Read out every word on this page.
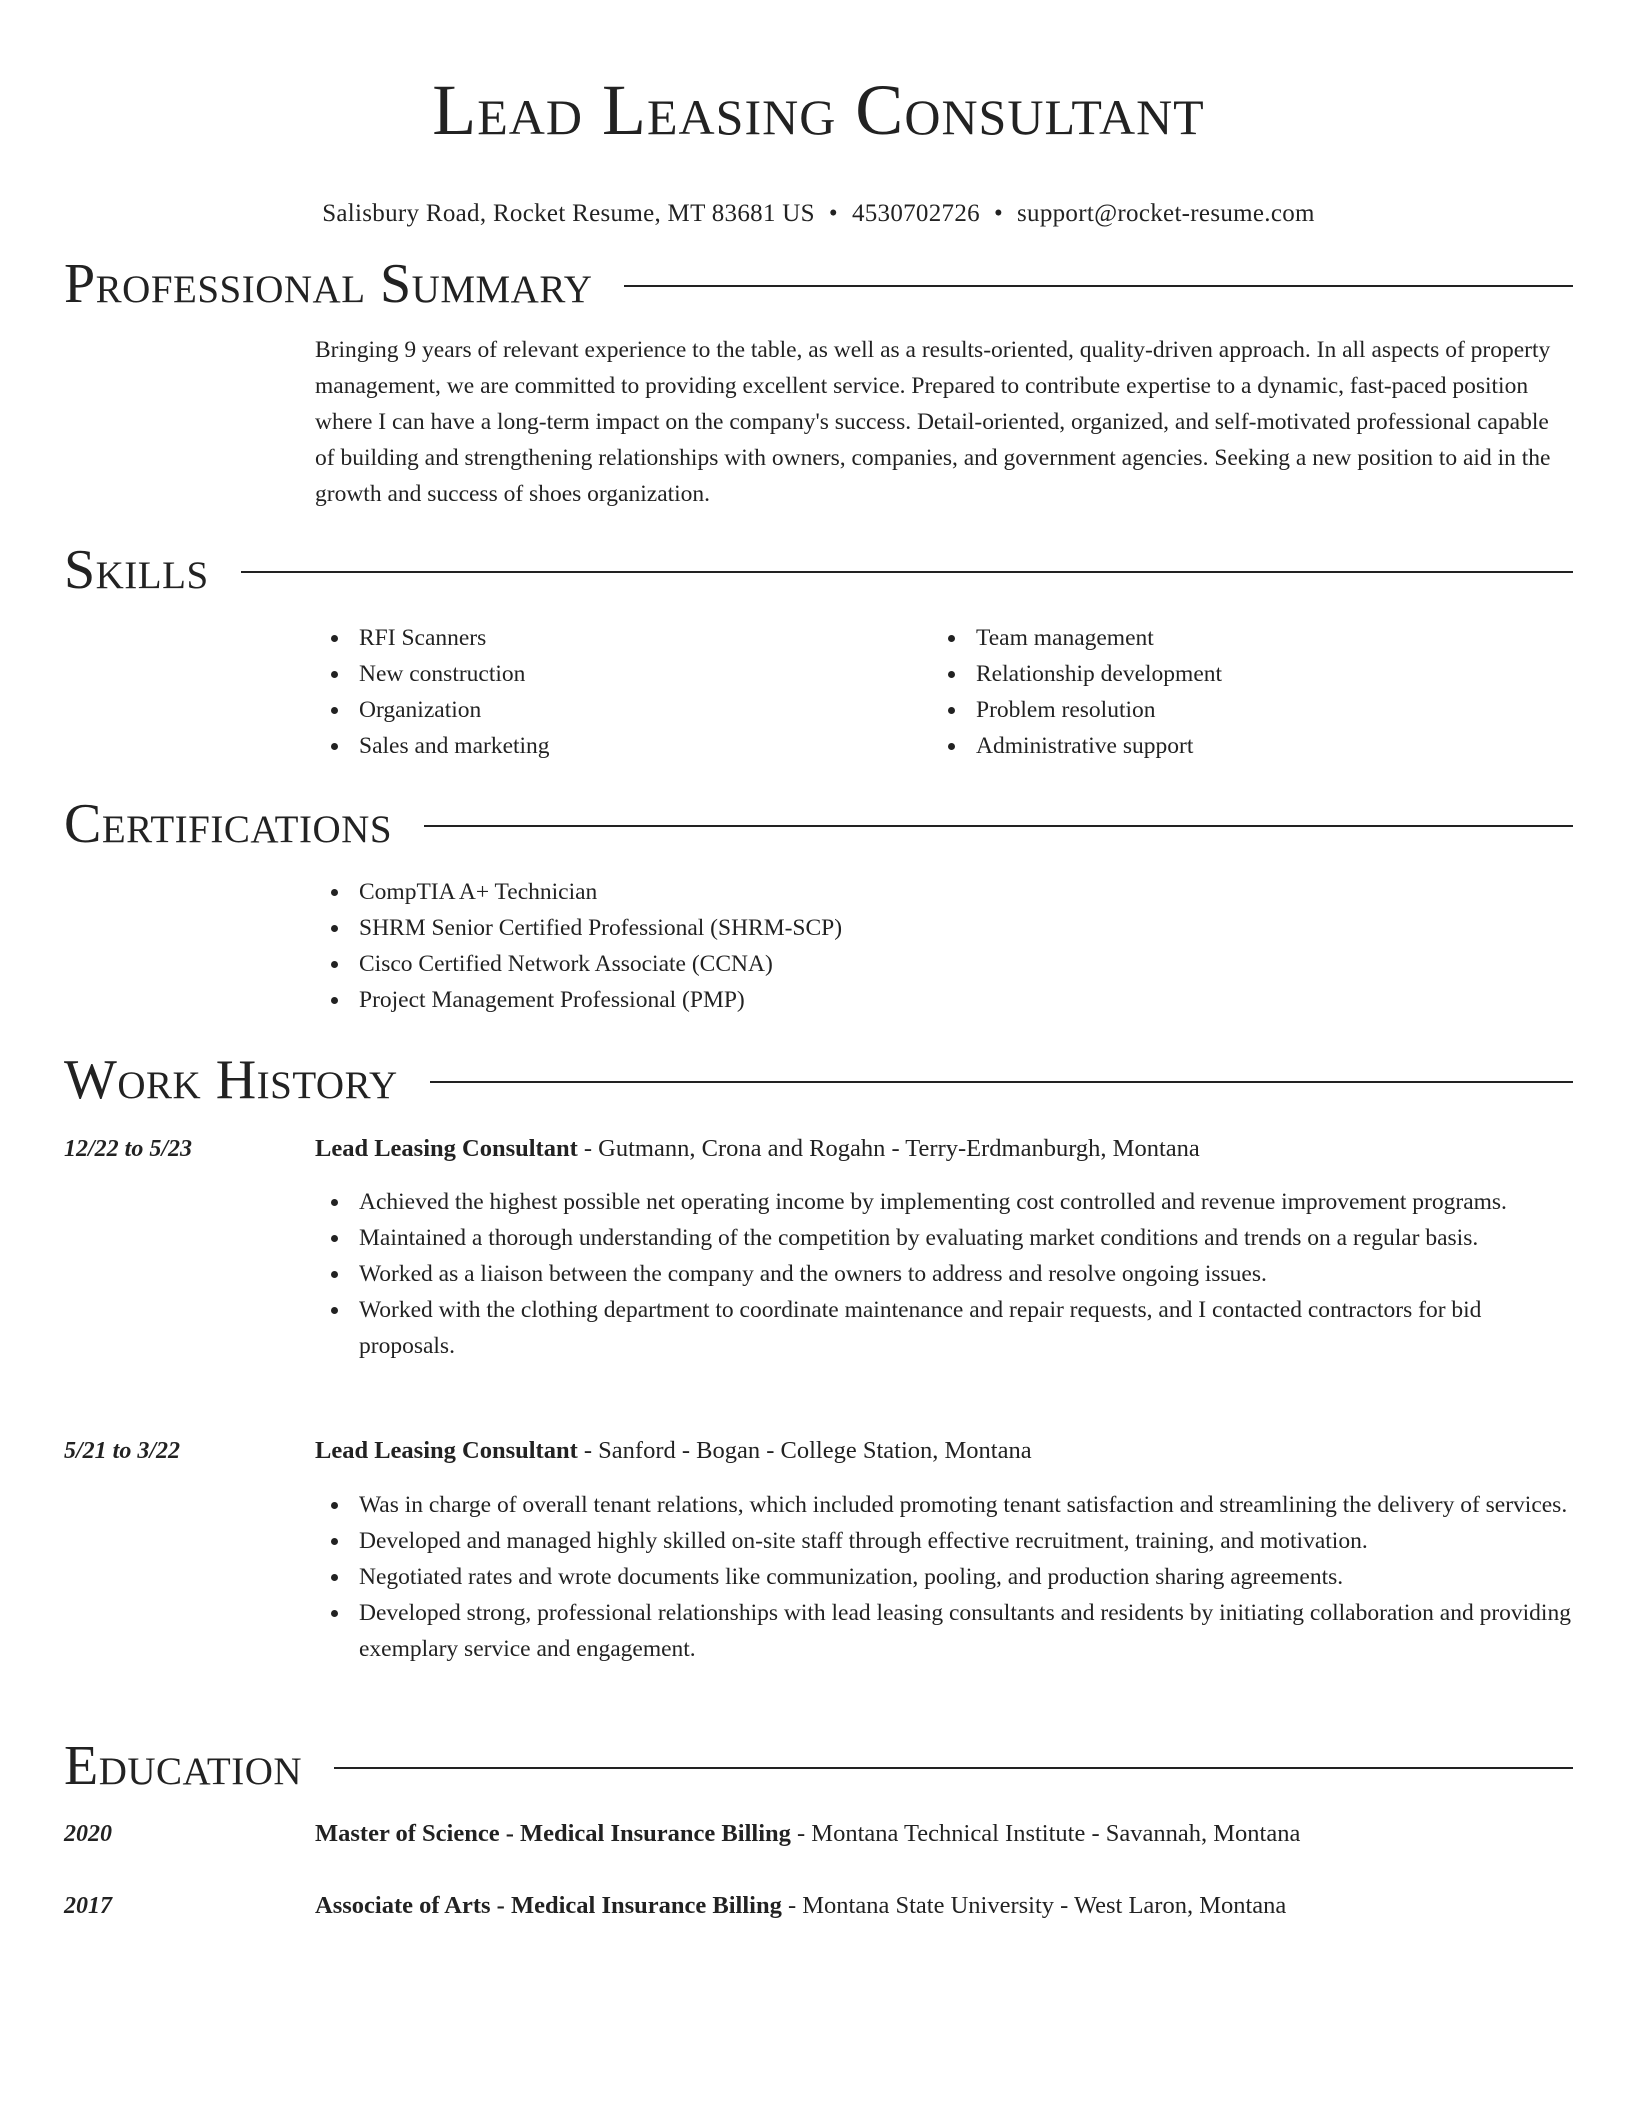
Lead Leasing Consultant
Salisbury Road, Rocket Resume, MT 83681 US • 4530702726 • support@rocket-resume.com
Professional Summary
Bringing 9 years of relevant experience to the table, as well as a results-oriented, quality-driven approach. In all aspects of property management, we are committed to providing excellent service. Prepared to contribute expertise to a dynamic, fast-paced position where I can have a long-term impact on the company's success. Detail-oriented, organized, and self-motivated professional capable of building and strengthening relationships with owners, companies, and government agencies. Seeking a new position to aid in the growth and success of shoes organization.
Skills
RFI Scanners
New construction
Organization
Sales and marketing
Team management
Relationship development
Problem resolution
Administrative support
Certifications
CompTIA A+ Technician
SHRM Senior Certified Professional (SHRM-SCP)
Cisco Certified Network Associate (CCNA)
Project Management Professional (PMP)
Work History
12/22 to 5/23	Lead Leasing Consultant - Gutmann, Crona and Rogahn - Terry-Erdmanburgh, Montana
Achieved the highest possible net operating income by implementing cost controlled and revenue improvement programs.
Maintained a thorough understanding of the competition by evaluating market conditions and trends on a regular basis.
Worked as a liaison between the company and the owners to address and resolve ongoing issues.
Worked with the clothing department to coordinate maintenance and repair requests, and I contacted contractors for bid proposals.
5/21 to 3/22	Lead Leasing Consultant - Sanford - Bogan - College Station, Montana
Was in charge of overall tenant relations, which included promoting tenant satisfaction and streamlining the delivery of services.
Developed and managed highly skilled on-site staff through effective recruitment, training, and motivation.
Negotiated rates and wrote documents like communization, pooling, and production sharing agreements.
Developed strong, professional relationships with lead leasing consultants and residents by initiating collaboration and providing exemplary service and engagement.
Education
2020	Master of Science - Medical Insurance Billing - Montana Technical Institute - Savannah, Montana
2017	Associate of Arts - Medical Insurance Billing - Montana State University - West Laron, Montana
